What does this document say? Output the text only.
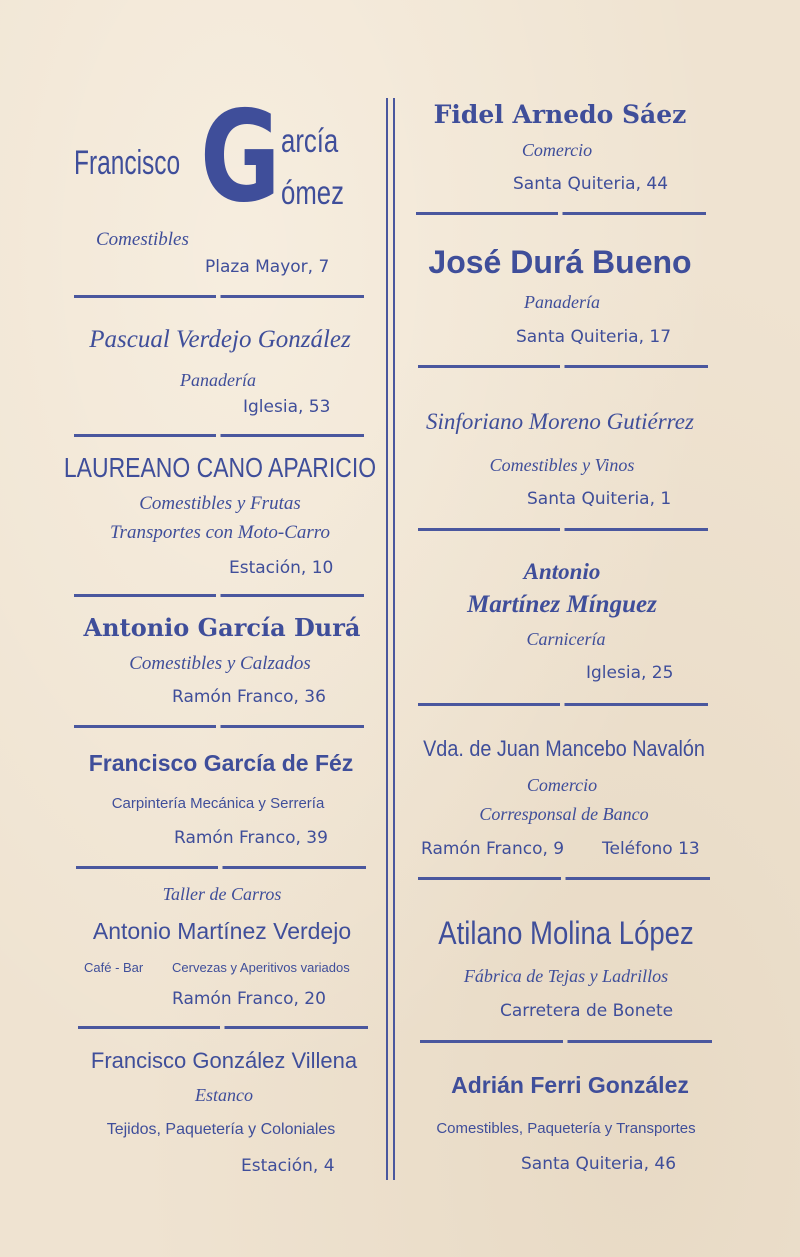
Francisco G arcía
ómez
Comestibles
Plaza Mayor, 7
Pascual Verdejo González
Panadería
Iglesia, 53
LAUREANO CANO APARICIO
Comestibles y Frutas
Transportes con Moto-Carro
Estación, 10
Antonio García Durá
Comestibles y Calzados
Ramón Franco, 36
Francisco García de Féz
Carpintería Mecánica y Serrería
Ramón Franco, 39
Taller de Carros
Antonio Martínez Verdejo
Café - Bar Cervezas y Aperitivos variados
Ramón Franco, 20
Francisco González Villena
Estanco
Tejidos, Paquetería y Coloniales
Estación, 4
Fidel Arnedo Sáez
Comercio
Santa Quiteria, 44
José Durá Bueno
Panadería
Santa Quiteria, 17
Sinforiano Moreno Gutiérrez
Comestibles y Vinos
Santa Quiteria, 1
Antonio
Martínez Mínguez
Carnicería
Iglesia, 25
Vda. de Juan Mancebo Navalón
Comercio
Corresponsal de Banco
Ramón Franco, 9 Teléfono 13
Atilano Molina López
Fábrica de Tejas y Ladrillos
Carretera de Bonete
Adrián Ferri González
Comestibles, Paquetería y Transportes
Santa Quiteria, 46
